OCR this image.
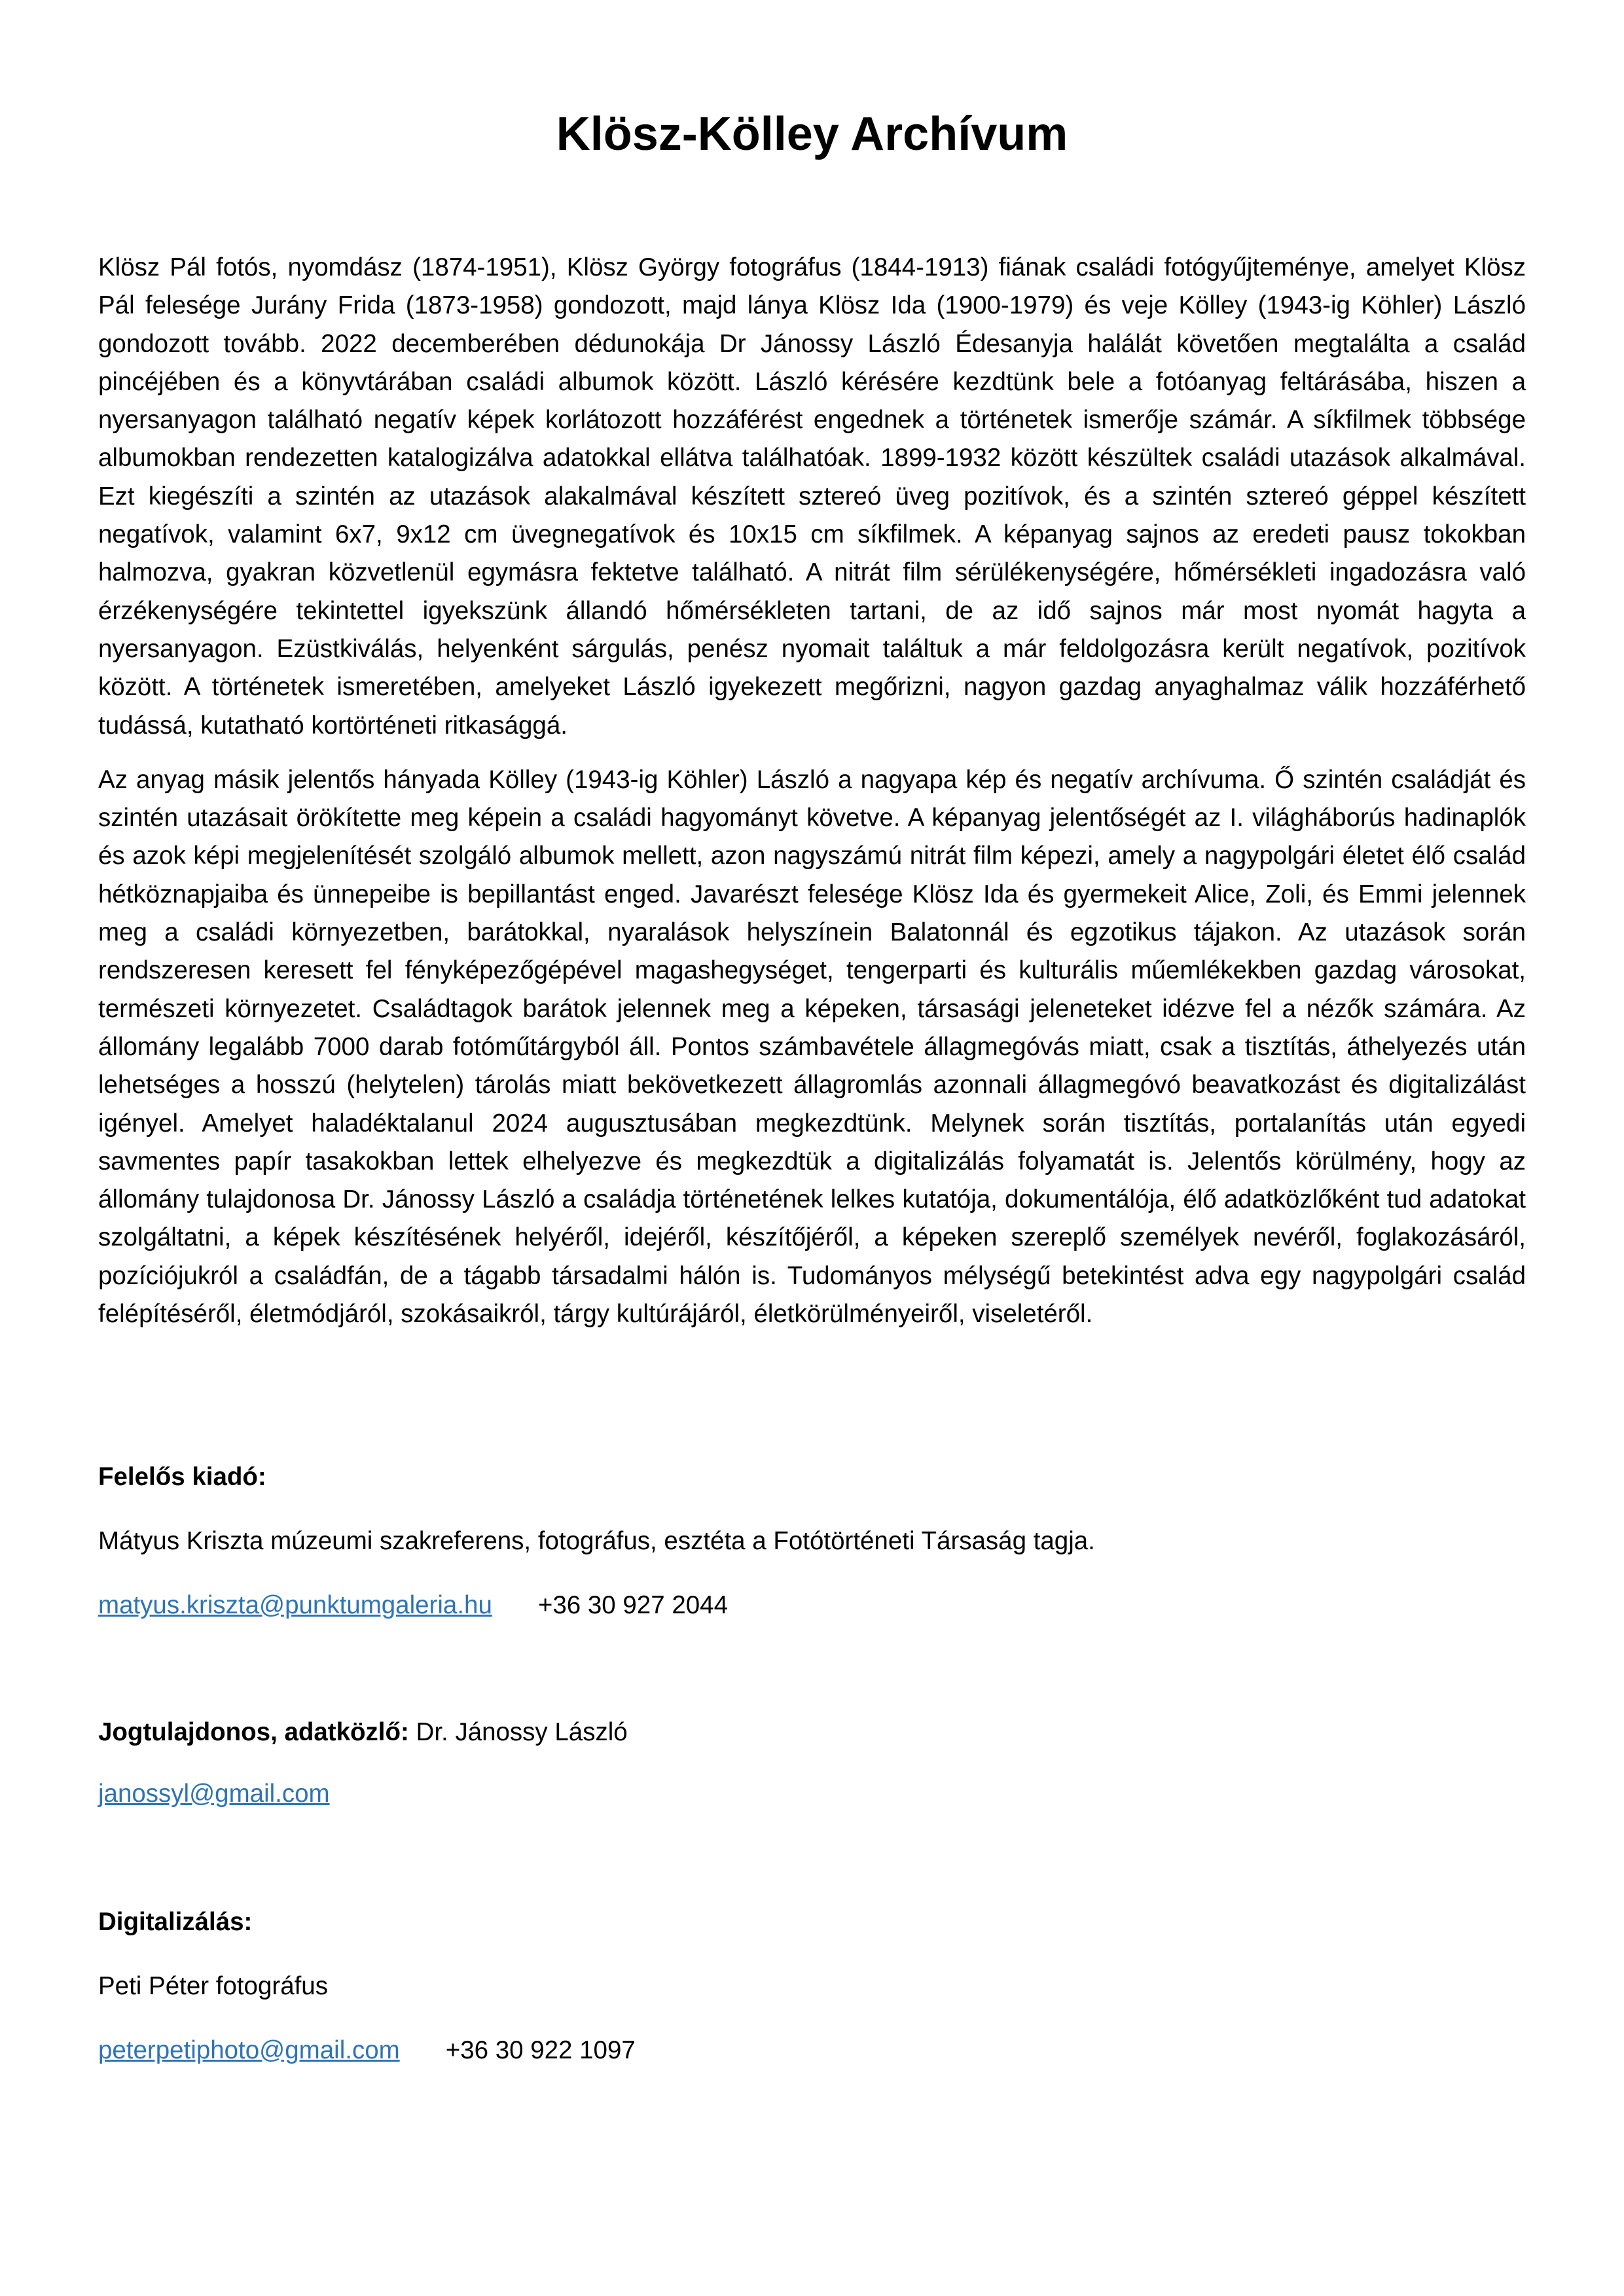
Klösz-Kölley Archívum

Klösz Pál fotós, nyomdász (1874-1951), Klösz György fotográfus (1844-1913) fiának családi fotógyűjteménye, amelyet Klösz Pál felesége Jurány Frida (1873-1958) gondozott, majd lánya Klösz Ida (1900-1979) és veje Kölley (1943-ig Köhler) László gondozott tovább. 2022 decemberében dédunokája Dr Jánossy László Édesanyja halálát követően megtalálta a család pincéjében és a könyvtárában családi albumok között. László kérésére kezdtünk bele a fotóanyag feltárásába, hiszen a nyersanyagon található negatív képek korlátozott hozzáférést engednek a történetek ismerője számár. A síkfilmek többsége albumokban rendezetten katalogizálva adatokkal ellátva találhatóak. 1899-1932 között készültek családi utazások alkalmával. Ezt kiegészíti a szintén az utazások alakalmával készített sztereó üveg pozitívok, és a szintén sztereó géppel készített negatívok, valamint 6x7, 9x12 cm üvegnegatívok és 10x15 cm síkfilmek. A képanyag sajnos az eredeti pausz tokokban halmozva, gyakran közvetlenül egymásra fektetve található. A nitrát film sérülékenységére, hőmérsékleti ingadozásra való érzékenységére tekintettel igyekszünk állandó hőmérsékleten tartani, de az idő sajnos már most nyomát hagyta a nyersanyagon. Ezüstkiválás, helyenként sárgulás, penész nyomait találtuk a már feldolgozásra került negatívok, pozitívok között. A történetek ismeretében, amelyeket László igyekezett megőrizni, nagyon gazdag anyaghalmaz válik hozzáférhető tudássá, kutatható kortörténeti ritkasággá.

Az anyag másik jelentős hányada Kölley (1943-ig Köhler) László a nagyapa kép és negatív archívuma. Ő szintén családját és szintén utazásait örökítette meg képein a családi hagyományt követve. A képanyag jelentőségét az I. világháborús hadinaplók és azok képi megjelenítését szolgáló albumok mellett, azon nagyszámú nitrát film képezi, amely a nagypolgári életet élő család hétköznapjaiba és ünnepeibe is bepillantást enged. Javarészt felesége Klösz Ida és gyermekeit Alice, Zoli, és Emmi jelennek meg a családi környezetben, barátokkal, nyaralások helyszínein Balatonnál és egzotikus tájakon. Az utazások során rendszeresen keresett fel fényképezőgépével magashegységet, tengerparti és kulturális műemlékekben gazdag városokat, természeti környezetet. Családtagok barátok jelennek meg a képeken, társasági jeleneteket idézve fel a nézők számára. Az állomány legalább 7000 darab fotóműtárgyból áll. Pontos számbavétele állagmegóvás miatt, csak a tisztítás, áthelyezés után lehetséges a hosszú (helytelen) tárolás miatt bekövetkezett állagromlás azonnali állagmegóvó beavatkozást és digitalizálást igényel. Amelyet haladéktalanul 2024 augusztusában megkezdtünk. Melynek során tisztítás, portalanítás után egyedi savmentes papír tasakokban lettek elhelyezve és megkezdtük a digitalizálás folyamatát is. Jelentős körülmény, hogy az állomány tulajdonosa Dr. Jánossy László a családja történetének lelkes kutatója, dokumentálója, élő adatközlőként tud adatokat szolgáltatni, a képek készítésének helyéről, idejéről, készítőjéről, a képeken szereplő személyek nevéről, foglakozásáról, pozíciójukról a családfán, de a tágabb társadalmi hálón is. Tudományos mélységű betekintést adva egy nagypolgári család felépítéséről, életmódjáról, szokásaikról, tárgy kultúrájáról, életkörülményeiről, viseletéről.

Felelős kiadó:

Mátyus Kriszta múzeumi szakreferens, fotográfus, esztéta a Fotótörténeti Társaság tagja.

matyus.kriszta@punktumgaleria.hu +36 30 927 2044

Jogtulajdonos, adatközlő: Dr. Jánossy László

janossyl@gmail.com

Digitalizálás:

Peti Péter fotográfus

peterpetiphoto@gmail.com +36 30 922 1097
